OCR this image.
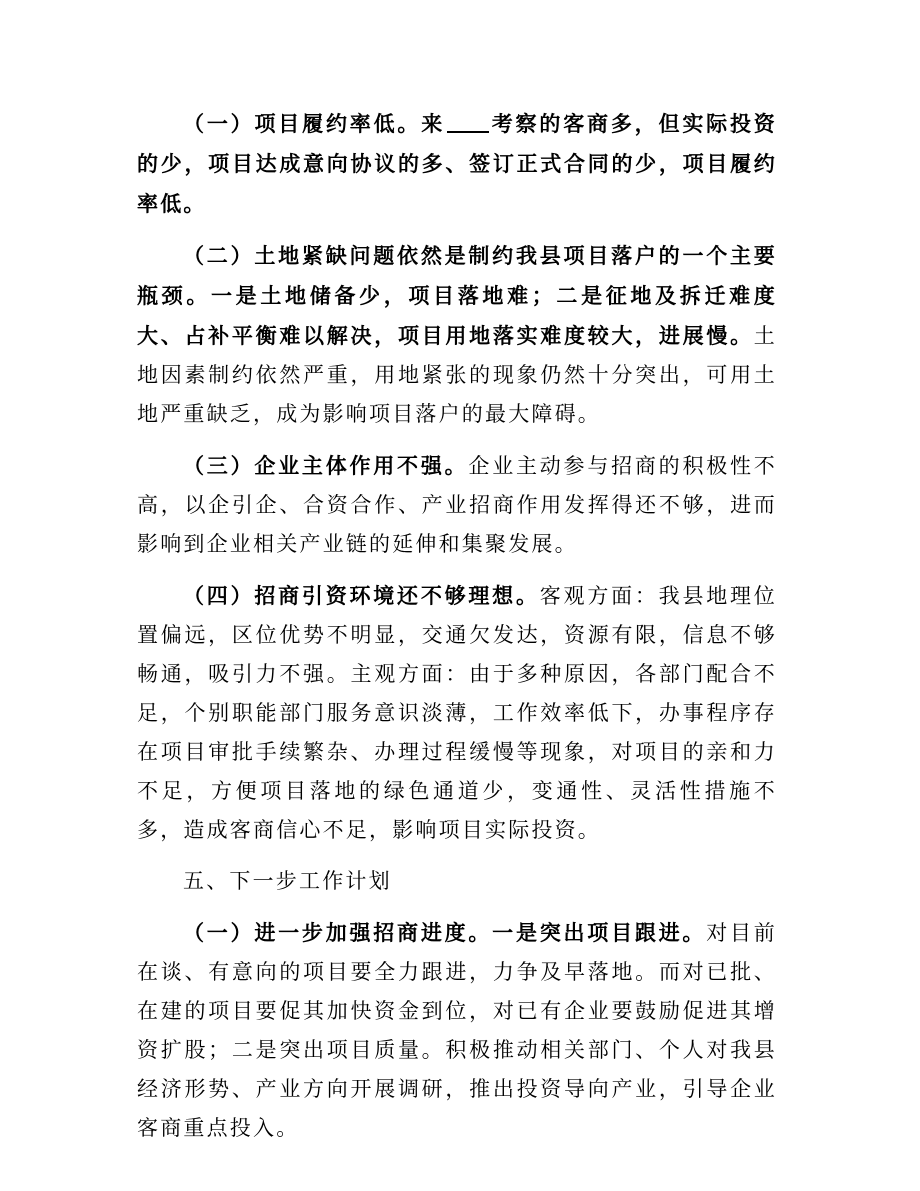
（一）项目履约率低。来 考察的客商多，但实际投资的少，项目达成意向协议的多、签订正式合同的少，项目履约率低。

（二）土地紧缺问题依然是制约我县项目落户的一个主要瓶颈。一是土地储备少，项目落地难；二是征地及拆迁难度大、占补平衡难以解决，项目用地落实难度较大，进展慢。土地因素制约依然严重，用地紧张的现象仍然十分突出，可用土地严重缺乏，成为影响项目落户的最大障碍。

（三）企业主体作用不强。企业主动参与招商的积极性不高，以企引企、合资合作、产业招商作用发挥得还不够，进而影响到企业相关产业链的延伸和集聚发展。

（四）招商引资环境还不够理想。客观方面：我县地理位置偏远，区位优势不明显，交通欠发达，资源有限，信息不够畅通，吸引力不强。主观方面：由于多种原因，各部门配合不足，个别职能部门服务意识淡薄，工作效率低下，办事程序存在项目审批手续繁杂、办理过程缓慢等现象，对项目的亲和力不足，方便项目落地的绿色通道少，变通性、灵活性措施不多，造成客商信心不足，影响项目实际投资。

五、下一步工作计划

（一）进一步加强招商进度。一是突出项目跟进。对目前在谈、有意向的项目要全力跟进，力争及早落地。而对已批、在建的项目要促其加快资金到位，对已有企业要鼓励促进其增资扩股；二是突出项目质量。积极推动相关部门、个人对我县经济形势、产业方向开展调研，推出投资导向产业，引导企业客商重点投入。
